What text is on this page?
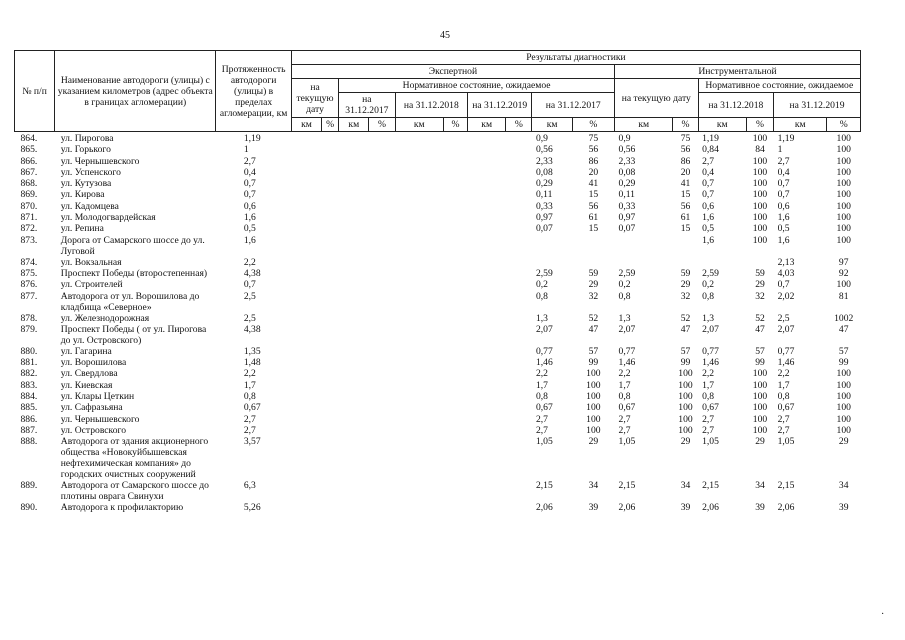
45
№ п/п	Наименование автодороги (улицы) с указанием километров (адрес объекта в границах агломерации)	Протяженность автодороги (улицы) в пределах агломерации, км	Результаты диагностики															
			Экспертной										Инструментальной					
			на текущую дату		Нормативное состояние, ожидаемое								на текущую дату		Нормативное состояние, ожидаемое			
					на 31.12.2017		на 31.12.2018		на 31.12.2019		на 31.12.2017				на 31.12.2018		на 31.12.2019	
			км	%	км	%	км	%	км	%	км	%	км	%	км	%	км	%
864.	ул. Пирогова	1,19									0,9	75	0,9	75	1,19	100	1,19	100
865.	ул. Горького	1									0,56	56	0,56	56	0,84	84	1	100
866.	ул. Чернышевского	2,7									2,33	86	2,33	86	2,7	100	2,7	100
867.	ул. Успенского	0,4									0,08	20	0,08	20	0,4	100	0,4	100
868.	ул. Кутузова	0,7									0,29	41	0,29	41	0,7	100	0,7	100
869.	ул. Кирова	0,7									0,11	15	0,11	15	0,7	100	0,7	100
870.	ул. Кадомцева	0,6									0,33	56	0,33	56	0,6	100	0,6	100
871.	ул. Молодогвардейская	1,6									0,97	61	0,97	61	1,6	100	1,6	100
872.	ул. Репина	0,5									0,07	15	0,07	15	0,5	100	0,5	100
873.	Дорога от Самарского шоссе до ул. Луговой	1,6													1,6	100	1,6	100
874.	ул. Вокзальная	2,2															2,13	97
875.	Проспект Победы (второстепенная)	4,38									2,59	59	2,59	59	2,59	59	4,03	92
876.	ул. Строителей	0,7									0,2	29	0,2	29	0,2	29	0,7	100
877.	Автодорога от ул. Ворошилова до кладбища «Северное»	2,5									0,8	32	0,8	32	0,8	32	2,02	81
878.	ул. Железнодорожная	2,5									1,3	52	1,3	52	1,3	52	2,5	1002
879.	Проспект Победы ( от ул. Пирогова до ул. Островского)	4,38									2,07	47	2,07	47	2,07	47	2,07	47
880.	ул. Гагарина	1,35									0,77	57	0,77	57	0,77	57	0,77	57
881.	ул. Ворошилова	1,48									1,46	99	1,46	99	1,46	99	1,46	99
882.	ул. Свердлова	2,2									2,2	100	2,2	100	2,2	100	2,2	100
883.	ул. Киевская	1,7									1,7	100	1,7	100	1,7	100	1,7	100
884.	ул. Клары Цеткин	0,8									0,8	100	0,8	100	0,8	100	0,8	100
885.	ул. Сафразьяна	0,67									0,67	100	0,67	100	0,67	100	0,67	100
886.	ул. Чернышевского	2,7									2,7	100	2,7	100	2,7	100	2,7	100
887.	ул. Островского	2,7									2,7	100	2,7	100	2,7	100	2,7	100
888.	Автодорога от здания акционерного общества «Новокуйбышевская нефтехимическая компания» до городских очистных сооружений	3,57									1,05	29	1,05	29	1,05	29	1,05	29
889.	Автодорога от Самарского шоссе до плотины оврага Свинухи	6,3									2,15	34	2,15	34	2,15	34	2,15	34
890.	Автодорога к профилакторию	5,26									2,06	39	2,06	39	2,06	39	2,06	39
·
